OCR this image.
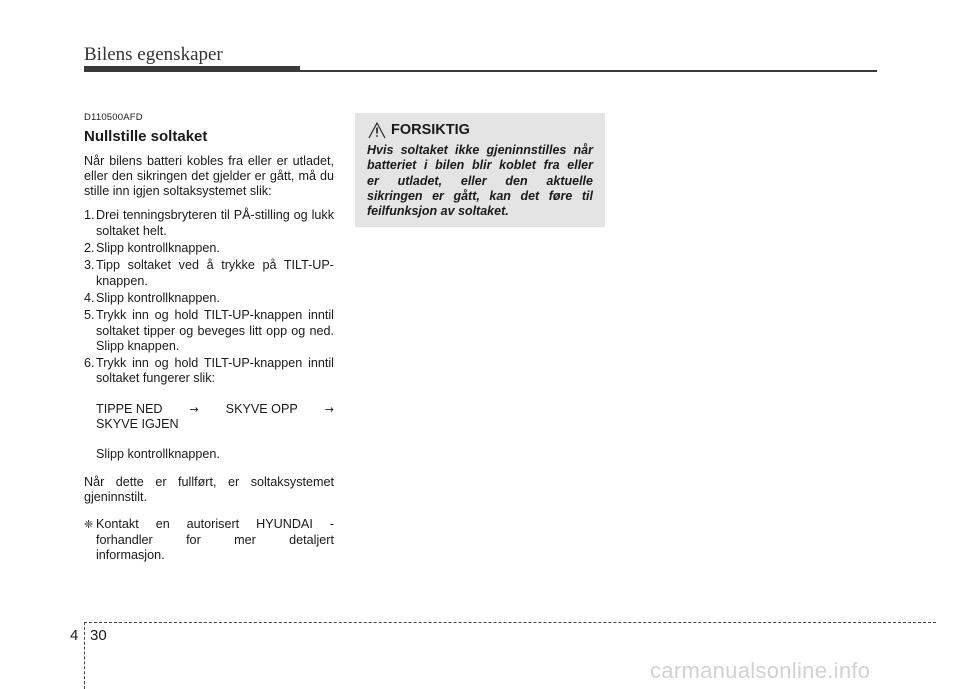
Bilens egenskaper
D110500AFD
Nullstille soltaket
Når bilens batteri kobles fra eller er utladet, eller den sikringen det gjelder er gått, må du stille inn igjen soltaksystemet slik:
1. Drei tenningsbryteren til PÅ-stilling og lukk soltaket helt.
2. Slipp kontrollknappen.
3. Tipp soltaket ved å trykke på TILT-UP-knappen.
4. Slipp kontrollknappen.
5. Trykk inn og hold TILT-UP-knappen inntil soltaket tipper og beveges litt opp og ned. Slipp knappen.
6. Trykk inn og hold TILT-UP-knappen inntil soltaket fungerer slik:
TIPPE NED → SKYVE OPP →
SKYVE IGJEN
Slipp kontrollknappen.
Når dette er fullført, er soltaksystemet gjeninnstilt.
❈ Kontakt en autorisert HYUNDAI -
forhandler	for	mer	detaljert
informasjon.
FORSIKTIG
Hvis soltaket ikke gjeninnstilles når
batteriet i bilen blir koblet fra eller
er utladet, eller den aktuelle
sikringen er gått, kan det føre til
feilfunksjon av soltaket.
4 30
carmanualsonline.info
